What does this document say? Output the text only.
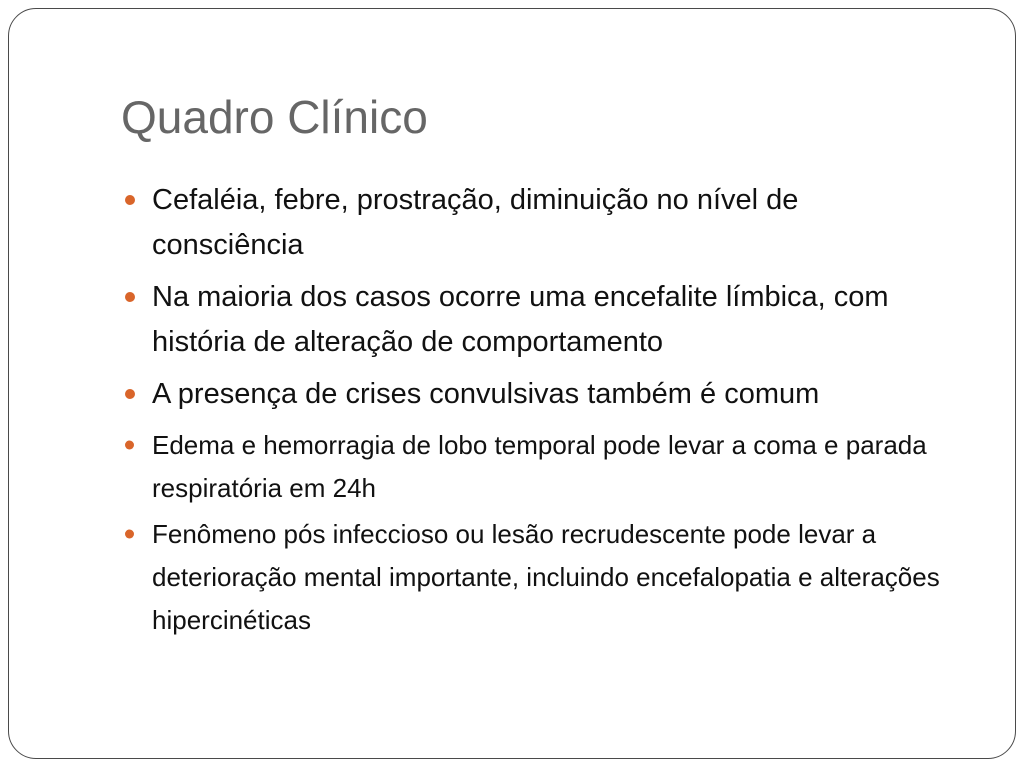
Quadro Clínico
Cefaléia, febre, prostração, diminuição no nível de consciência
Na maioria dos casos ocorre uma encefalite límbica, com história de alteração de comportamento
A presença de crises convulsivas também é comum
Edema e hemorragia de lobo temporal pode levar a coma e parada respiratória em 24h
Fenômeno pós infeccioso ou lesão recrudescente pode levar a deterioração mental importante, incluindo encefalopatia e alterações hipercinéticas
